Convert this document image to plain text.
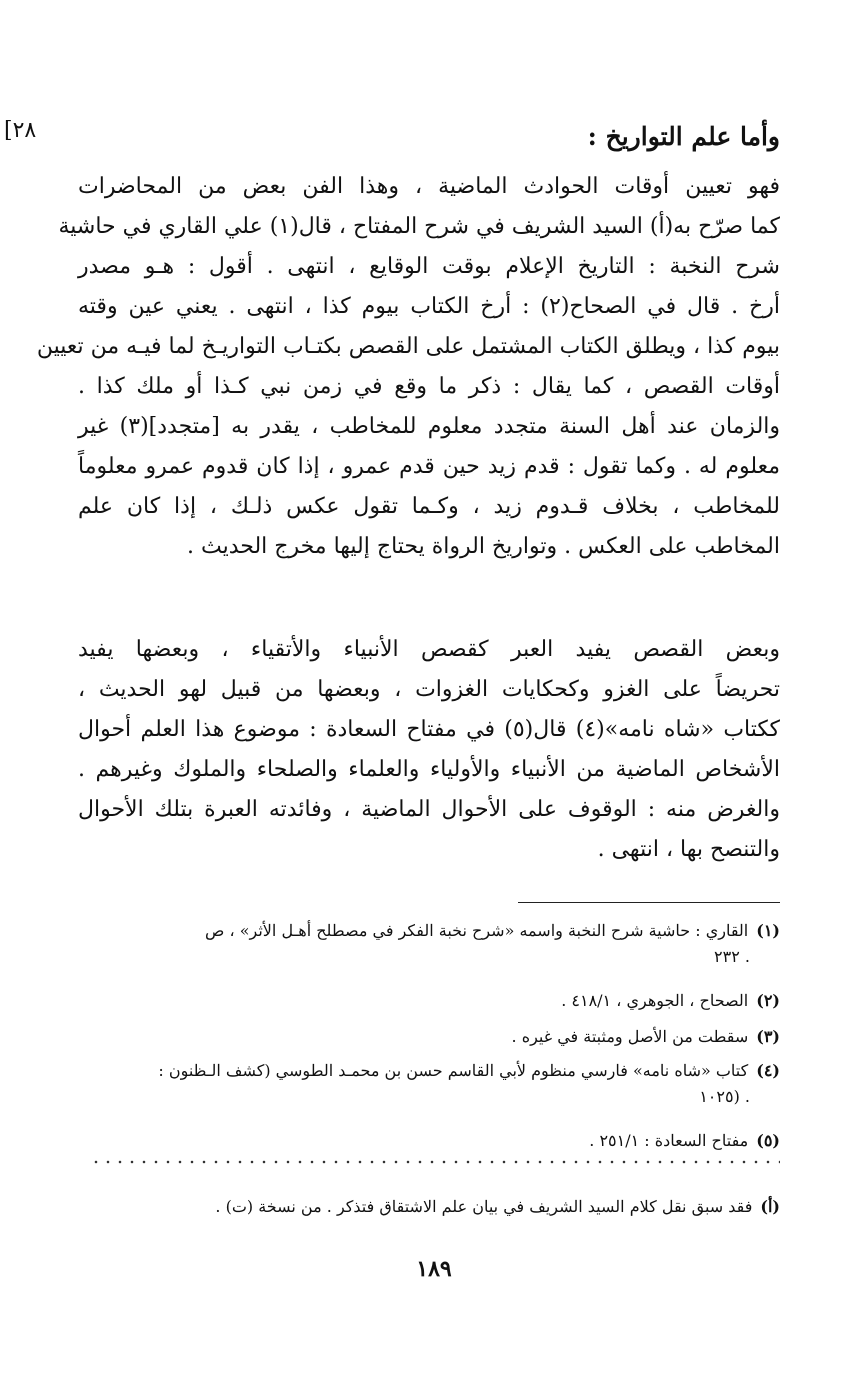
[٢٨	وأما علم التواريخ :
فهو تعيين أوقات الحوادث الماضية ، وهذا الفن بعض من المحاضرات
كما صرّح به(أ) السيد الشريف في شرح المفتاح ، قال(١) علي القاري في حاشية
شرح النخبة : التاريخ الإعلام بوقت الوقايع ، انتهى . أقول : هـو مصدر
أرخ . قال في الصحاح(٢) : أرخ الكتاب بيوم كذا ، انتهى . يعني عين وقته
بيوم كذا ، ويطلق الكتاب المشتمل على القصص بكتـاب التواريـخ لما فيـه من تعيين
أوقات القصص ، كما يقال : ذكر ما وقع في زمن نبي كـذا أو ملك كذا .
والزمان عند أهل السنة متجدد معلوم للمخاطب ، يقدر به [متجدد](٣) غير
معلوم له . وكما تقول : قدم زيد حين قدم عمرو ، إذا كان قدوم عمرو معلوماً
للمخاطب ، بخلاف قـدوم زيد ، وكـما تقول عكس ذلـك ، إذا كان علم
المخاطب على العكس . وتواريخ الرواة يحتاج إليها مخرج الحديث .
وبعض القصص يفيد العبر كقصص الأنبياء والأتقياء ، وبعضها يفيد
تحريضاً على الغزو وكحكايات الغزوات ، وبعضها من قبيل لهو الحديث ،
ككتاب «شاه نامه»(٤) قال(٥) في مفتاح السعادة : موضوع هذا العلم أحوال
الأشخاص الماضية من الأنبياء والأولياء والعلماء والصلحاء والملوك وغيرهم .
والغرض منه : الوقوف على الأحوال الماضية ، وفائدته العبرة بتلك الأحوال
والتنصح بها ، انتهى .
(١)القاري : حاشية شرح النخبة واسمه «شرح نخبة الفكر في مصطلح أهـل الأثر» ، ص
. ٢٣٢
(٢)الصحاح ، الجوهري ، ٤١٨/١ .
(٣)سقطت من الأصل ومثبتة في غيره .
(٤)كتاب «شاه نامه» فارسي منظوم لأبي القاسم حسن بن محمـد الطوسي (كشف الـظنون :
. (١٠٢٥
(٥)مفتاح السعادة : ٢٥١/١ .
(أ)فقد سبق نقل كلام السيد الشريف في بيان علم الاشتقاق فتذكر . من نسخة (ت) .
١٨٩
